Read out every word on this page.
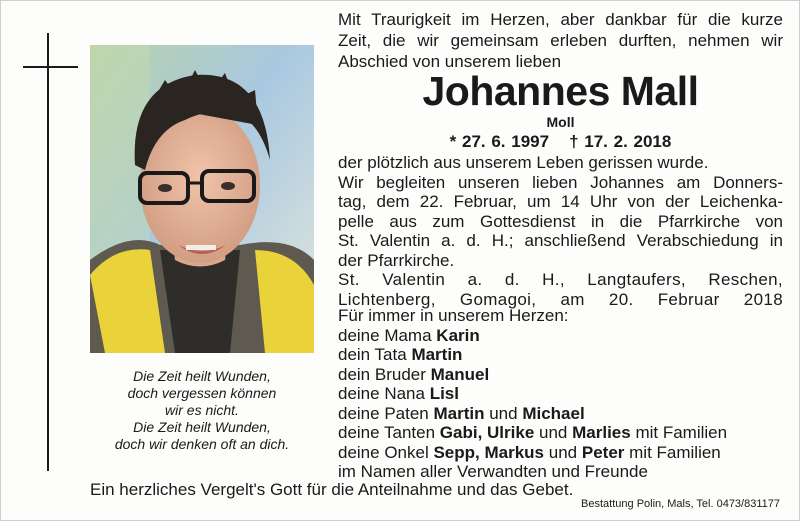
Die Zeit heilt Wunden,
doch vergessen können
wir es nicht.
Die Zeit heilt Wunden,
doch wir denken oft an dich.
Mit Traurigkeit im Herzen, aber dankbar für die kurze
Zeit, die wir gemeinsam erleben durften, nehmen wir
Abschied von unserem lieben
Johannes Mall
Moll
* 27. 6. 1997 † 17. 2. 2018
der plötzlich aus unserem Leben gerissen wurde.
Wir begleiten unseren lieben Johannes am Donners-
tag, dem 22. Februar, um 14 Uhr von der Leichenka-
pelle aus zum Gottesdienst in die Pfarrkirche von
St. Valentin a. d. H.; anschließend Verabschiedung in
der Pfarrkirche.
St. Valentin a. d. H., Langtaufers, Reschen,
Lichtenberg, Gomagoi, am 20. Februar 2018
Für immer in unserem Herzen:
deine Mama Karin
dein Tata Martin
dein Bruder Manuel
deine Nana Lisl
deine Paten Martin und Michael
deine Tanten Gabi, Ulrike und Marlies mit Familien
deine Onkel Sepp, Markus und Peter mit Familien
im Namen aller Verwandten und Freunde
Ein herzliches Vergelt's Gott für die Anteilnahme und das Gebet.
Bestattung Polin, Mals, Tel. 0473/831177
